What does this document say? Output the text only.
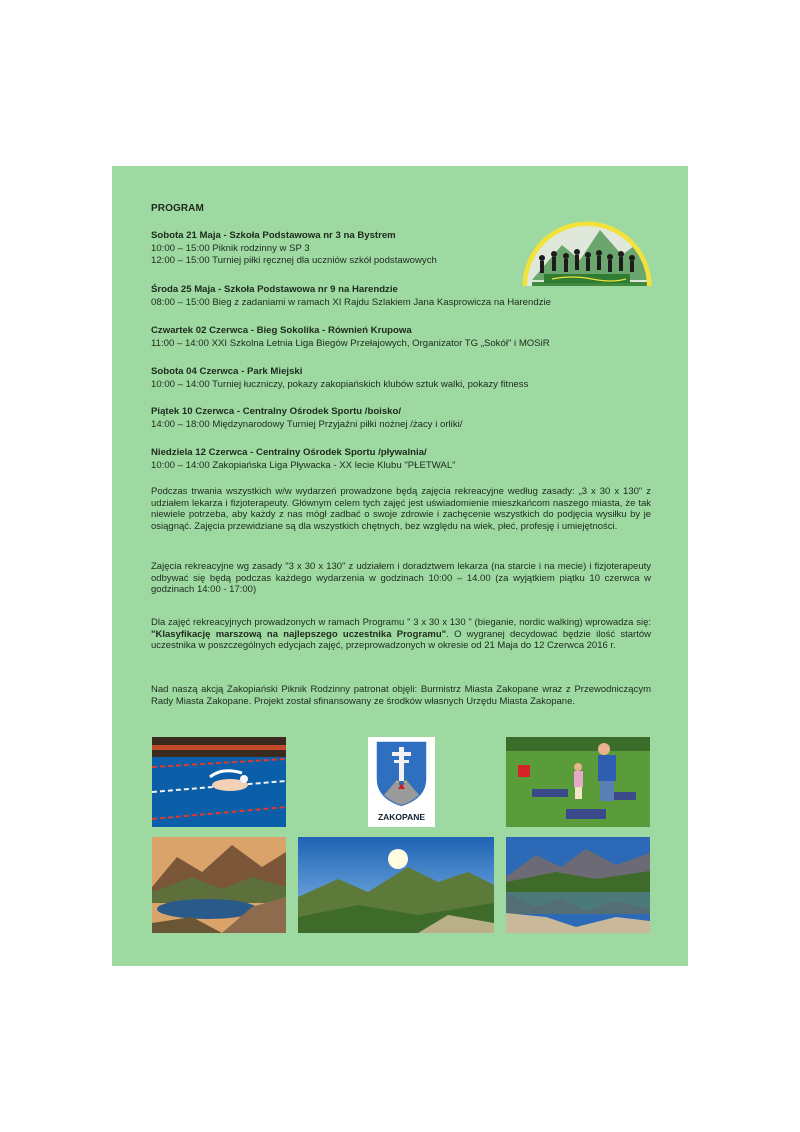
PROGRAM
Sobota 21 Maja - Szkoła Podstawowa nr 3 na Bystrem
10:00 – 15:00 Piknik rodzinny w SP 3
12:00 – 15:00 Turniej piłki ręcznej dla uczniów szkół podstawowych
Środa 25 Maja - Szkoła Podstawowa nr 9 na Harendzie
08:00 – 15:00 Bieg z zadaniami w ramach XI Rajdu Szlakiem Jana Kasprowicza na Harendzie
Czwartek 02 Czerwca - Bieg Sokolika - Równień Krupowa
11:00 – 14:00 XXI Szkolna Letnia Liga Biegów Przełajowych, Organizator TG „Sokół" i MOSiR
Sobota 04 Czerwca - Park Miejski
10:00 – 14:00 Turniej łuczniczy, pokazy zakopiańskich klubów sztuk walki, pokazy fitness
Piątek 10 Czerwca - Centralny Ośrodek Sportu /boisko/
14:00 – 18:00 Międzynarodowy Turniej Przyjaźni piłki nożnej /żacy i orliki/
Niedziela 12 Czerwca - Centralny Ośrodek Sportu /pływalnia/
10:00 – 14:00 Zakopiańska Liga Pływacka - XX lecie Klubu "PŁETWAL"
Podczas trwania wszystkich w/w wydarzeń prowadzone będą zajęcia rekreacyjne według zasady: „3 x 30 x 130" z udziałem lekarza i fizjoterapeuty. Głównym celem tych zajęć jest uświadomienie mieszkańcom naszego miasta, że tak niewiele potrzeba, aby każdy z nas mógł zadbać o swoje zdrowie i zachęcenie wszystkich do podjęcia wysiłku by je osiągnąć. Zajęcia przewidziane są dla wszystkich chętnych, bez względu na wiek, płeć, profesję i umiejętności.
Zajęcia rekreacyjne wg zasady "3 x 30 x 130" z udziałem i doradztwem lekarza (na starcie i na mecie) i fizjoterapeuty odbywać się będą podczas każdego wydarzenia w godzinach 10:00 – 14.00 (za wyjątkiem piątku 10 czerwca w godzinach 14:00 - 17:00)
Dla zajęć rekreacyjnych prowadzonych w ramach Programu " 3 x 30 x 130 " (bieganie, nordic walking) wprowadza się: "Klasyfikację marszową na najlepszego uczestnika Programu". O wygranej decydować będzie ilość startów uczestnika w poszczególnych edycjach zajęć, przeprowadzonych w okresie od 21 Maja do 12 Czerwca 2016 r.
Nad naszą akcją Zakopiański Piknik Rodzinny patronat objęli: Burmistrz Miasta Zakopane wraz z Przewodniczącym Rady Miasta Zakopane. Projekt został sfinansowany ze środków własnych Urzędu Miasta Zakopane.
ZAKOPANE
